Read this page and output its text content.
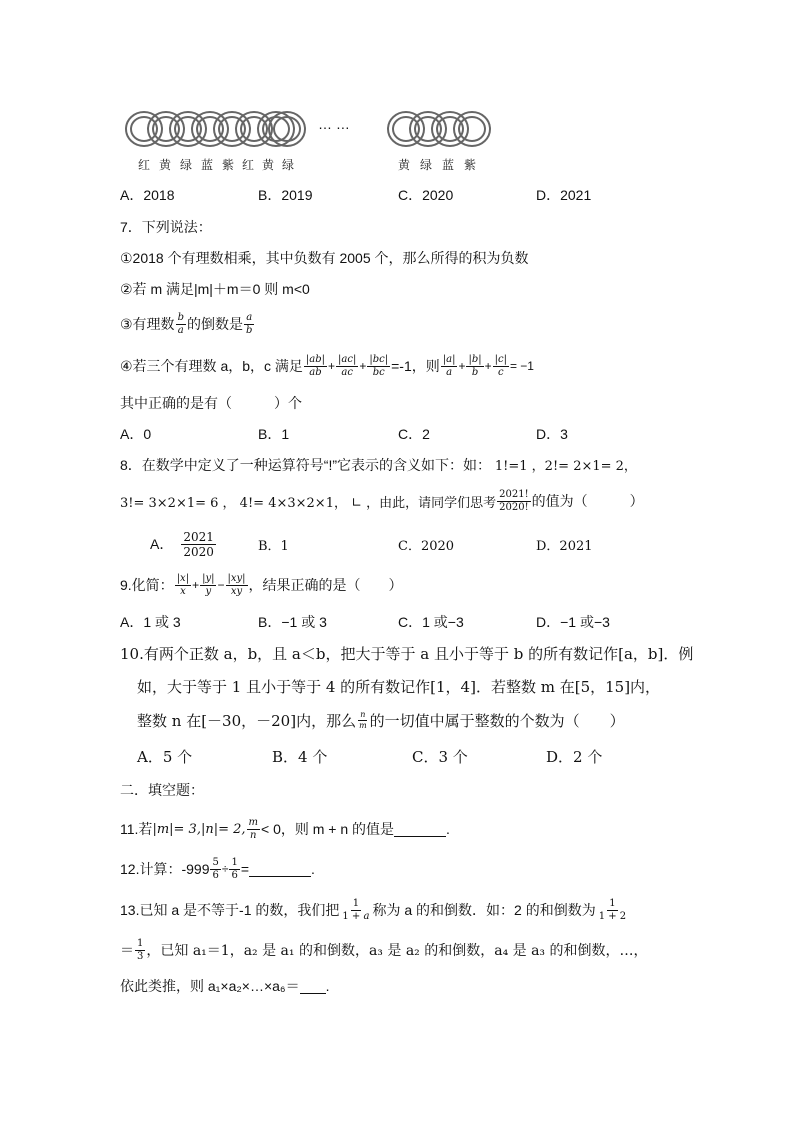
… …
红 黄 绿 蓝 紫 红 黄 绿	黄 绿 蓝 紫
A．2018	B．2019	C．2020	D．2021
7．下列说法：
①2018 个有理数相乘，其中负数有 2005 个，那么所得的积为负数
②若 m 满足|m|＋m＝0 则 m<0
③有理数 $\frac{b}{a}$ 的倒数是 $\frac{a}{b}$
④若三个有理数 a，b，c 满足 $\frac{|ab|}{ab} + \frac{|ac|}{ac} + \frac{|bc|}{bc} =-1$，则 $\frac{|a|}{a} + \frac{|b|}{b} + \frac{|c|}{c} = -1$
其中正确的是有（　　　）个
A．0	B．1	C．2	D．3
8．在数学中定义了一种运算符号“!”它表示的含义如下：如： 1!=1 ，2!= 2×1= 2，
3!= 3×2×1= 6 ， 4!= 4×3×2×1， ∟ ，由此，请同学们思考 $\frac{2021!}{2020!}$ 的值为（　　　）
A． $\frac{2021}{2020}$	B．1	C．2020	D．2021
9.化简： $\frac{|x|}{x} + \frac{|y|}{y} - \frac{|xy|}{xy}$ ，结果正确的是（　　）
A．1 或 3	B．−1 或 3	C．1 或−3	D．−1 或−3
10.有两个正数 a，b，且 a＜b，把大于等于 a 且小于等于 b 的所有数记作[a，b]．例
如，大于等于 1 且小于等于 4 的所有数记作[1，4]．若整数 m 在[5，15]内，
整数 n 在[－30，－20]内，那么 $\frac{n}{m}$ 的一切值中属于整数的个数为（　　）
A．5 个	B．4 个	C．3 个	D．2 个
二．填空题：
11.若 |m|= 3,|n|= 2, $\frac{m}{n} < 0$，则 m + n 的值是	.
12.计算：$-999 \frac{5}{6} \div \frac{1}{6}$ =	.
13.已知 a 是不等于-1 的数，我们把 $\frac{1}{1 + a}$ 称为 a 的和倒数．如：2 的和倒数为 $\frac{1}{1 + 2}$
＝ $\frac{1}{3}$ ，已知 a₁＝1，a₂ 是 a₁ 的和倒数，a₃ 是 a₂ 的和倒数，a₄ 是 a₃ 的和倒数，…，
依此类推，则 a₁×a₂×…×a₆＝ .
